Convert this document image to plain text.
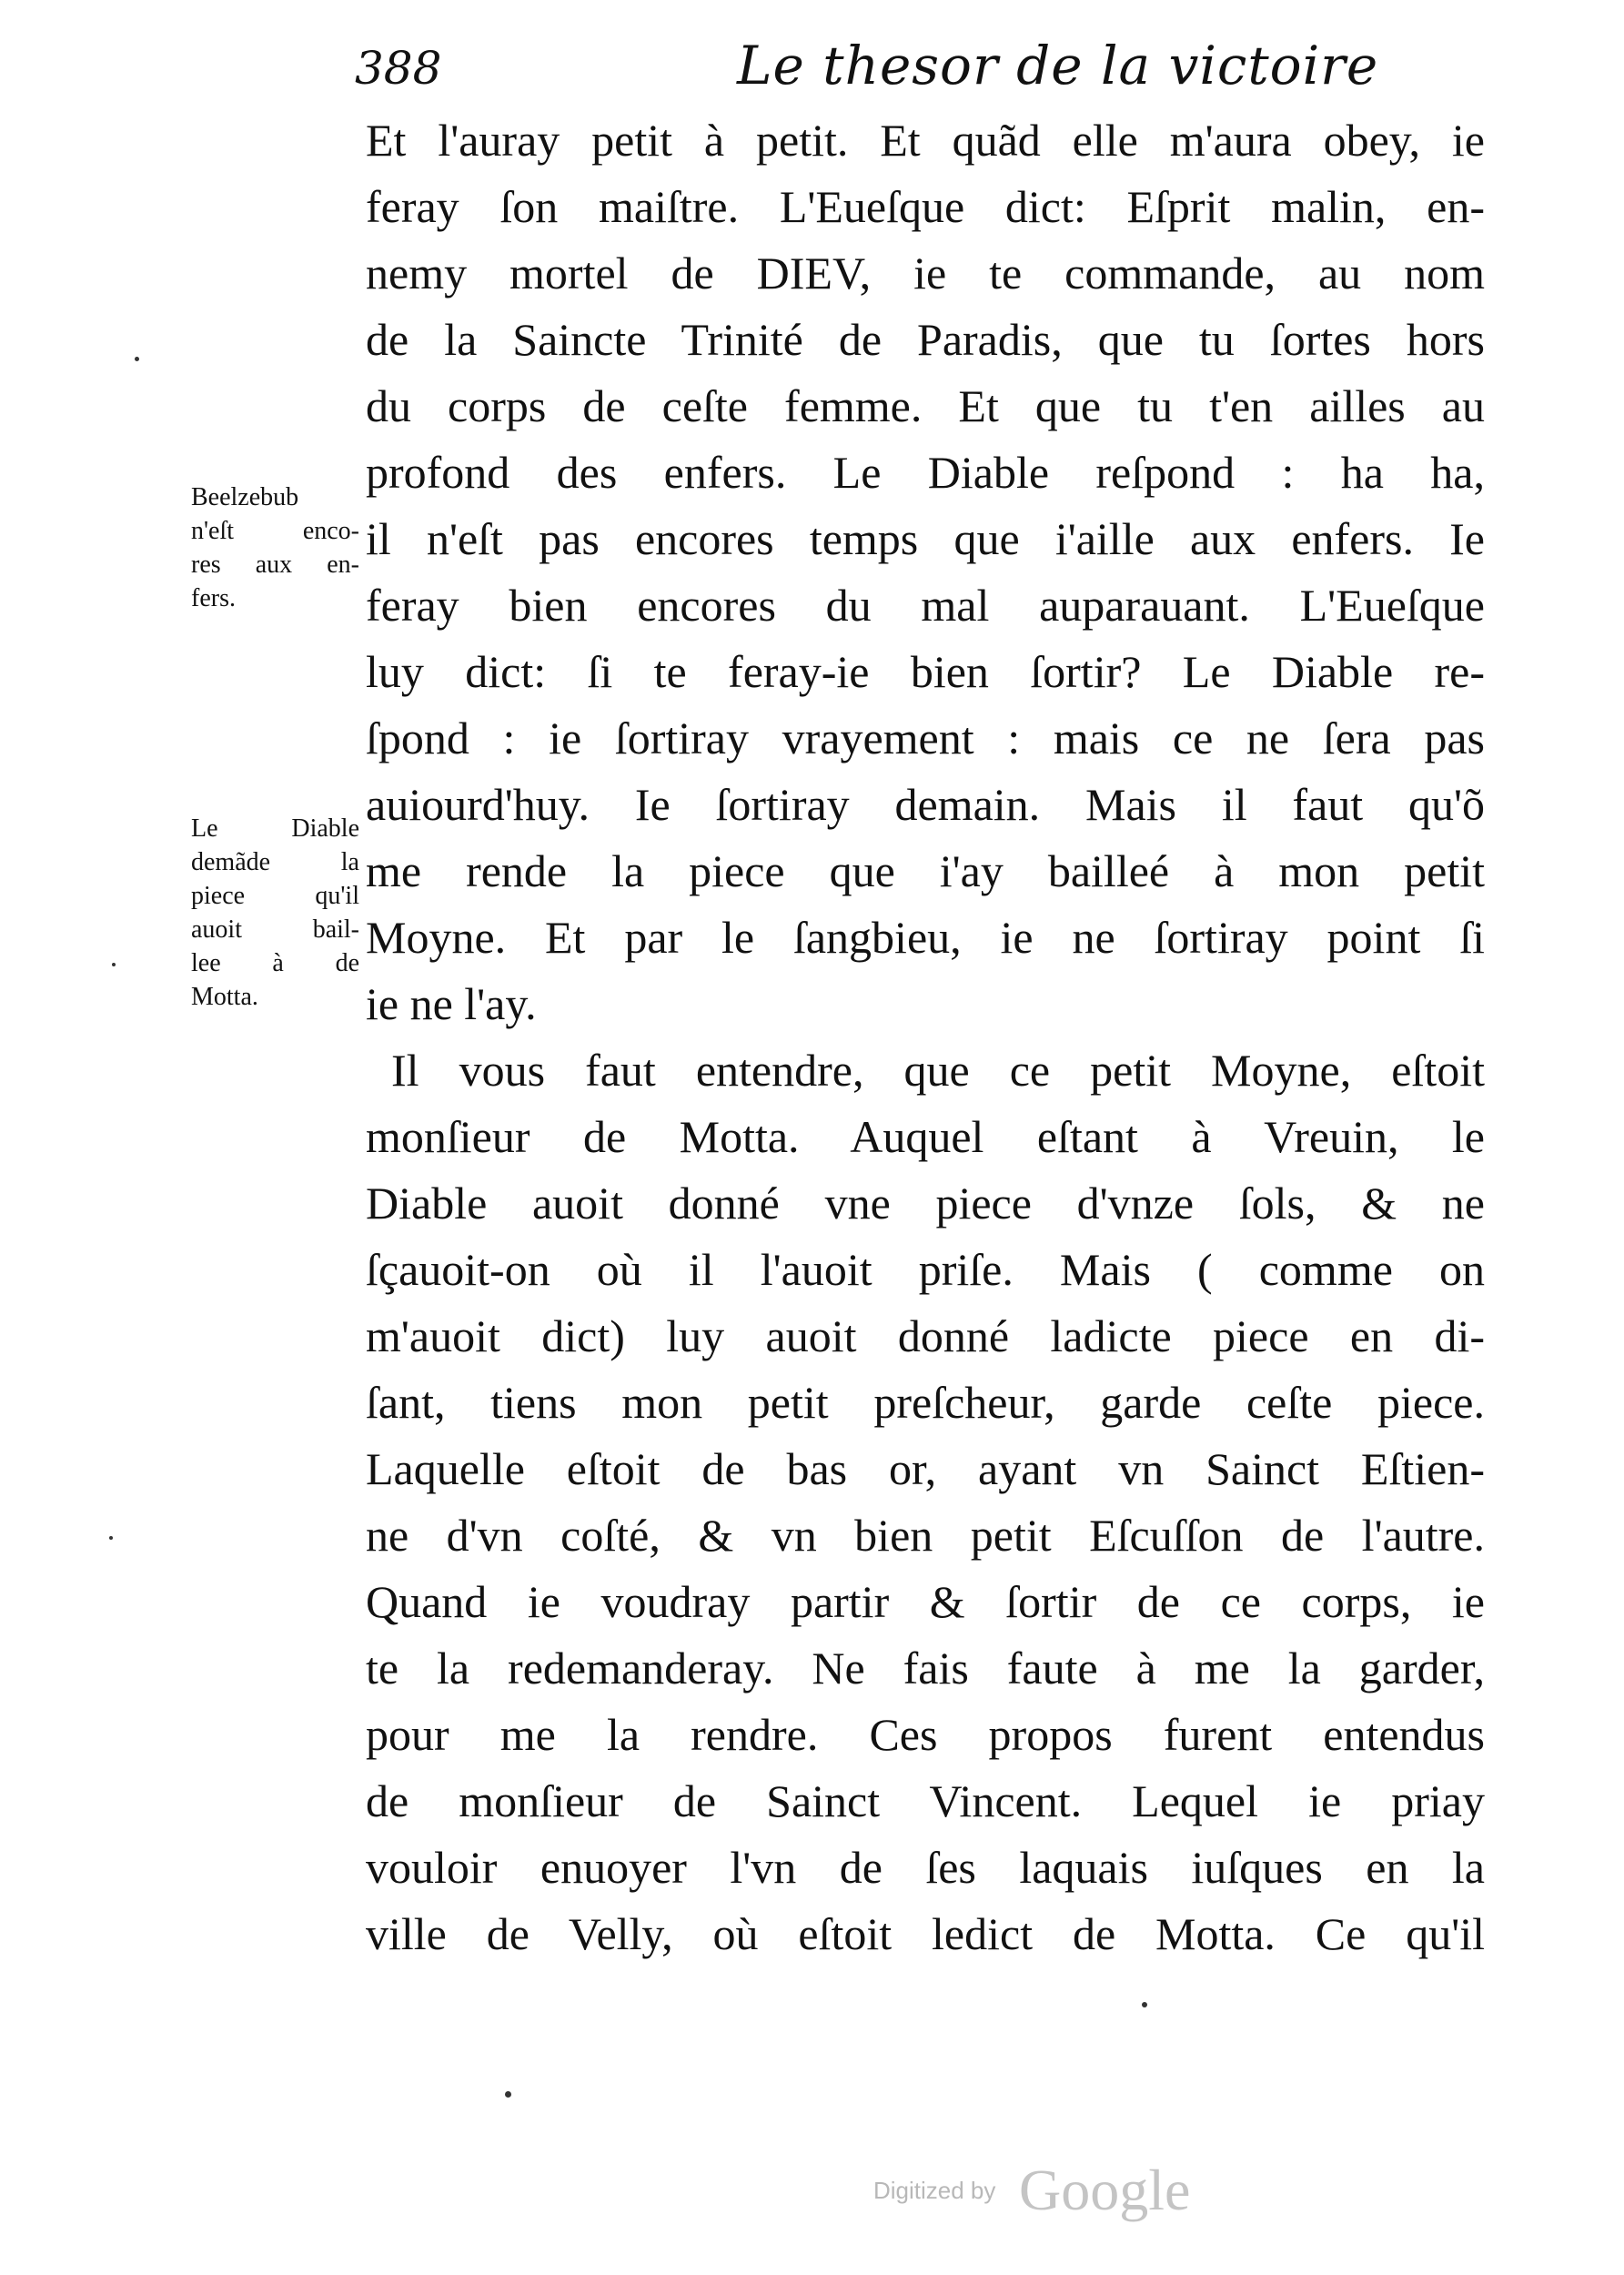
388	Le thesor de la victoire
Et l'auray petit à petit. Et quãd elle m'aura obey, ie
feray ſon maiſtre. L'Eueſque dict: Eſprit malin, en-
nemy mortel de DIEV, ie te commande, au nom
de la Saincte Trinité de Paradis, que tu ſortes hors
du corps de ceſte femme. Et que tu t'en ailles au
profond des enfers. Le Diable reſpond : ha ha,
il n'eſt pas encores temps que i'aille aux enfers. Ie
feray bien encores du mal auparauant. L'Eueſque
luy dict: ſi te feray-ie bien ſortir? Le Diable re-
ſpond : ie ſortiray vrayement : mais ce ne ſera pas
auiourd'huy. Ie ſortiray demain. Mais il faut qu'õ
me rende la piece que i'ay bailleé à mon petit
Moyne. Et par le ſangbieu, ie ne ſortiray point ſi
ie ne l'ay.
Il vous faut entendre, que ce petit Moyne, eſtoit
monſieur de Motta. Auquel eſtant à Vreuin, le
Diable auoit donné vne piece d'vnze ſols, & ne
ſçauoit-on où il l'auoit priſe. Mais ( comme on
m'auoit dict) luy auoit donné ladicte piece en di-
ſant, tiens mon petit preſcheur, garde ceſte piece.
Laquelle eſtoit de bas or, ayant vn Sainct Eſtien-
ne d'vn coſté, & vn bien petit Eſcuſſon de l'autre.
Quand ie voudray partir & ſortir de ce corps, ie
te la redemanderay. Ne fais faute à me la garder,
pour me la rendre. Ces propos furent entendus
de monſieur de Sainct Vincent. Lequel ie priay
vouloir enuoyer l'vn de ſes laquais iuſques en la
ville de Velly, où eſtoit ledict de Motta. Ce qu'il
Beelzebub
n'eſt enco-
res aux en-
fers.
Le Diable
demãde la
piece qu'il
auoit bail-
lee à de
Motta.
Digitized by Google
